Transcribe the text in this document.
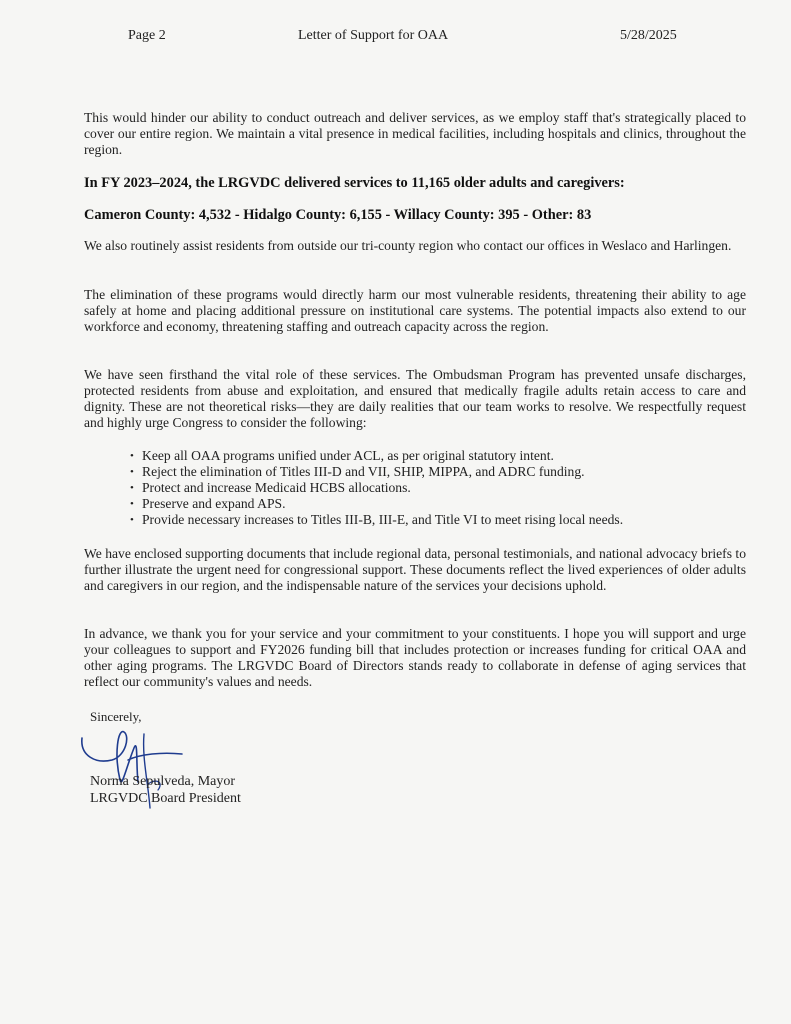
Page 2	Letter of Support for OAA	5/28/2025

This would hinder our ability to conduct outreach and deliver services, as we employ staff that's strategically placed to cover our entire region. We maintain a vital presence in medical facilities, including hospitals and clinics, throughout the region.

In FY 2023–2024, the LRGVDC delivered services to 11,165 older adults and caregivers:
Cameron County: 4,532 - Hidalgo County: 6,155 - Willacy County: 395 - Other: 83

We also routinely assist residents from outside our tri-county region who contact our offices in Weslaco and Harlingen.

The elimination of these programs would directly harm our most vulnerable residents, threatening their ability to age safely at home and placing additional pressure on institutional care systems. The potential impacts also extend to our workforce and economy, threatening staffing and outreach capacity across the region.

We have seen firsthand the vital role of these services. The Ombudsman Program has prevented unsafe discharges, protected residents from abuse and exploitation, and ensured that medically fragile adults retain access to care and dignity. These are not theoretical risks—they are daily realities that our team works to resolve. We respectfully request and highly urge Congress to consider the following:

• Keep all OAA programs unified under ACL, as per original statutory intent.
• Reject the elimination of Titles III-D and VII, SHIP, MIPPA, and ADRC funding.
• Protect and increase Medicaid HCBS allocations.
• Preserve and expand APS.
• Provide necessary increases to Titles III-B, III-E, and Title VI to meet rising local needs.

We have enclosed supporting documents that include regional data, personal testimonials, and national advocacy briefs to further illustrate the urgent need for congressional support. These documents reflect the lived experiences of older adults and caregivers in our region, and the indispensable nature of the services your decisions uphold.

In advance, we thank you for your service and your commitment to your constituents. I hope you will support and urge your colleagues to support and FY2026 funding bill that includes protection or increases funding for critical OAA and other aging programs. The LRGVDC Board of Directors stands ready to collaborate in defense of aging services that reflect our community's values and needs.

Sincerely,
Norma Sepulveda, Mayor
LRGVDC Board President
